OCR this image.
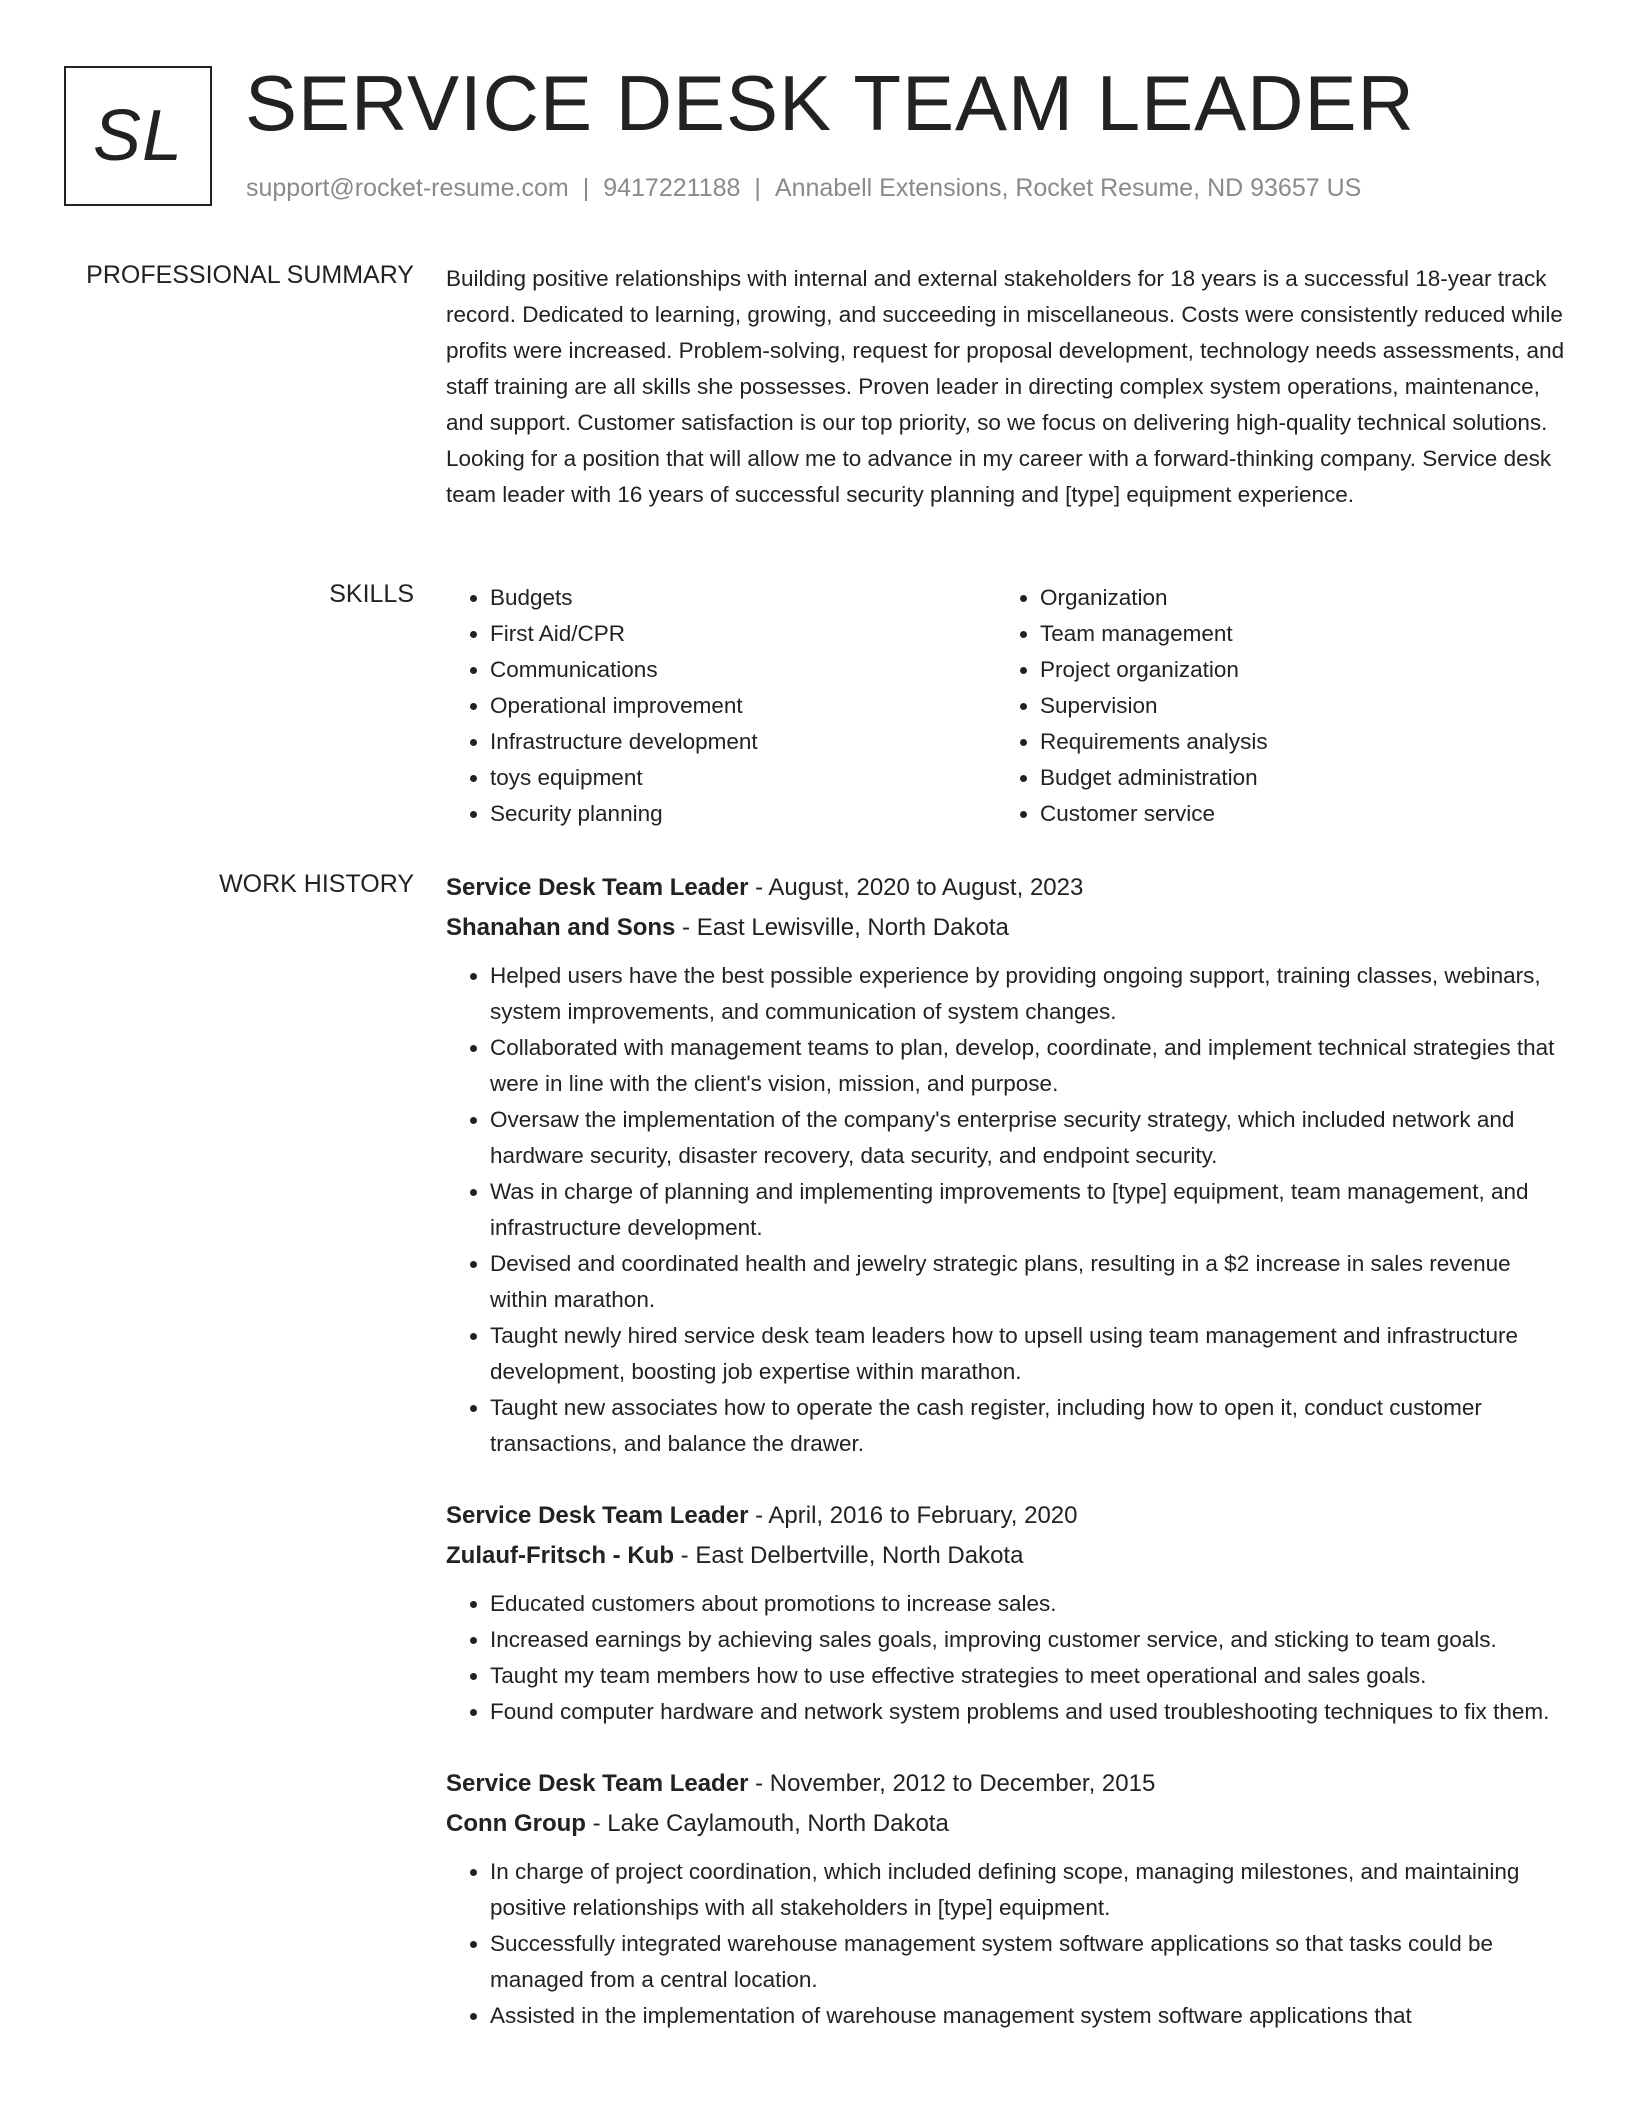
SL SERVICE DESK TEAM LEADER
support@rocket-resume.com | 9417221188 | Annabell Extensions, Rocket Resume, ND 93657 US
PROFESSIONAL SUMMARY Building positive relationships with internal and external stakeholders for 18 years is a successful 18-year track record. Dedicated to learning, growing, and succeeding in miscellaneous. Costs were consistently reduced while profits were increased. Problem-solving, request for proposal development, technology needs assessments, and staff training are all skills she possesses. Proven leader in directing complex system operations, maintenance, and support. Customer satisfaction is our top priority, so we focus on delivering high-quality technical solutions. Looking for a position that will allow me to advance in my career with a forward-thinking company. Service desk team leader with 16 years of successful security planning and [type] equipment experience.

SKILLS
•	Budgets
• First Aid/CPR
• Communications
• Operational improvement
• Infrastructure development
• toys equipment
• Security planning
• Organization
• Team management
• Project organization
• Supervision
• Requirements analysis
• Budget administration
• Customer service
WORK HISTORY Service Desk Team Leader - August, 2020 to August, 2023
Shanahan and Sons - East Lewisville, North Dakota
• Helped users have the best possible experience by providing ongoing support, training classes, webinars, system improvements, and communication of system changes.
• Collaborated with management teams to plan, develop, coordinate, and implement technical strategies that were in line with the client's vision, mission, and purpose.
• Oversaw the implementation of the company's enterprise security strategy, which included network and hardware security, disaster recovery, data security, and endpoint security.
• Was in charge of planning and implementing improvements to [type] equipment, team management, and infrastructure development.
• Devised and coordinated health and jewelry strategic plans, resulting in a $2 increase in sales revenue within marathon.
• Taught newly hired service desk team leaders how to upsell using team management and infrastructure development, boosting job expertise within marathon.
• Taught new associates how to operate the cash register, including how to open it, conduct customer transactions, and balance the drawer.
Service Desk Team Leader - April, 2016 to February, 2020
Zulauf-Fritsch - Kub - East Delbertville, North Dakota
• Educated customers about promotions to increase sales.
• Increased earnings by achieving sales goals, improving customer service, and sticking to team goals.
• Taught my team members how to use effective strategies to meet operational and sales goals.
• Found computer hardware and network system problems and used troubleshooting techniques to fix them.
Service Desk Team Leader - November, 2012 to December, 2015
Conn Group - Lake Caylamouth, North Dakota
• In charge of project coordination, which included defining scope, managing milestones, and maintaining positive relationships with all stakeholders in [type] equipment.
• Successfully integrated warehouse management system software applications so that tasks could be managed from a central location.
• Assisted in the implementation of warehouse management system software applications that
